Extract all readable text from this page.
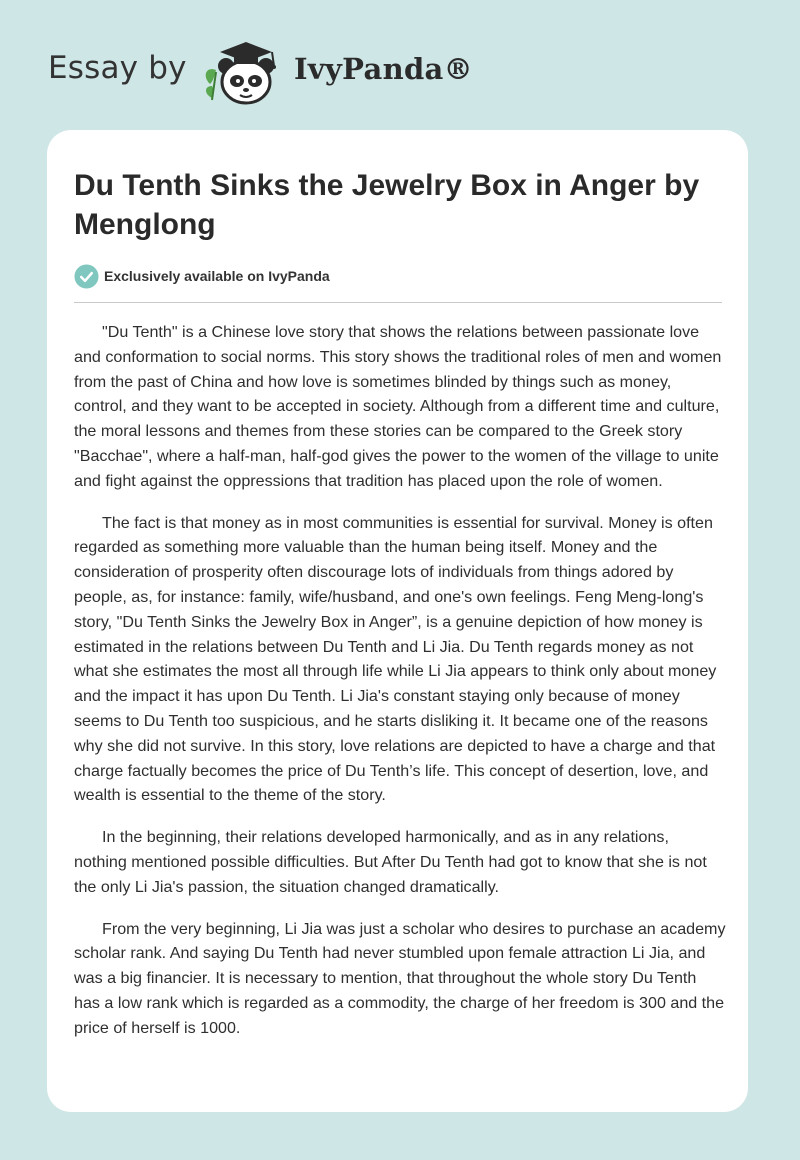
Essay by	IvyPanda®
Du Tenth Sinks the Jewelry Box in Anger by Menglong
Exclusively available on IvyPanda

"Du Tenth" is a Chinese love story that shows the relations between passionate love and conformation to social norms. This story shows the traditional roles of men and women from the past of China and how love is sometimes blinded by things such as money, control, and they want to be accepted in society. Although from a different time and culture, the moral lessons and themes from these stories can be compared to the Greek story "Bacchae", where a half-man, half-god gives the power to the women of the village to unite and fight against the oppressions that tradition has placed upon the role of women.

The fact is that money as in most communities is essential for survival. Money is often regarded as something more valuable than the human being itself. Money and the consideration of prosperity often discourage lots of individuals from things adored by people, as, for instance: family, wife/husband, and one's own feelings. Feng Meng-long's story, "Du Tenth Sinks the Jewelry Box in Anger”, is a genuine depiction of how money is estimated in the relations between Du Tenth and Li Jia. Du Tenth regards money as not what she estimates the most all through life while Li Jia appears to think only about money and the impact it has upon Du Tenth. Li Jia's constant staying only because of money seems to Du Tenth too suspicious, and he starts disliking it. It became one of the reasons why she did not survive. In this story, love relations are depicted to have a charge and that charge factually becomes the price of Du Tenth’s life. This concept of desertion, love, and wealth is essential to the theme of the story.

In the beginning, their relations developed harmonically, and as in any relations, nothing mentioned possible difficulties. But After Du Tenth had got to know that she is not the only Li Jia's passion, the situation changed dramatically.

From the very beginning, Li Jia was just a scholar who desires to purchase an academy scholar rank. And saying Du Tenth had never stumbled upon female attraction Li Jia, and was a big financier. It is necessary to mention, that throughout the whole story Du Tenth has a low rank which is regarded as a commodity, the charge of her freedom is 300 and the price of herself is 1000.
